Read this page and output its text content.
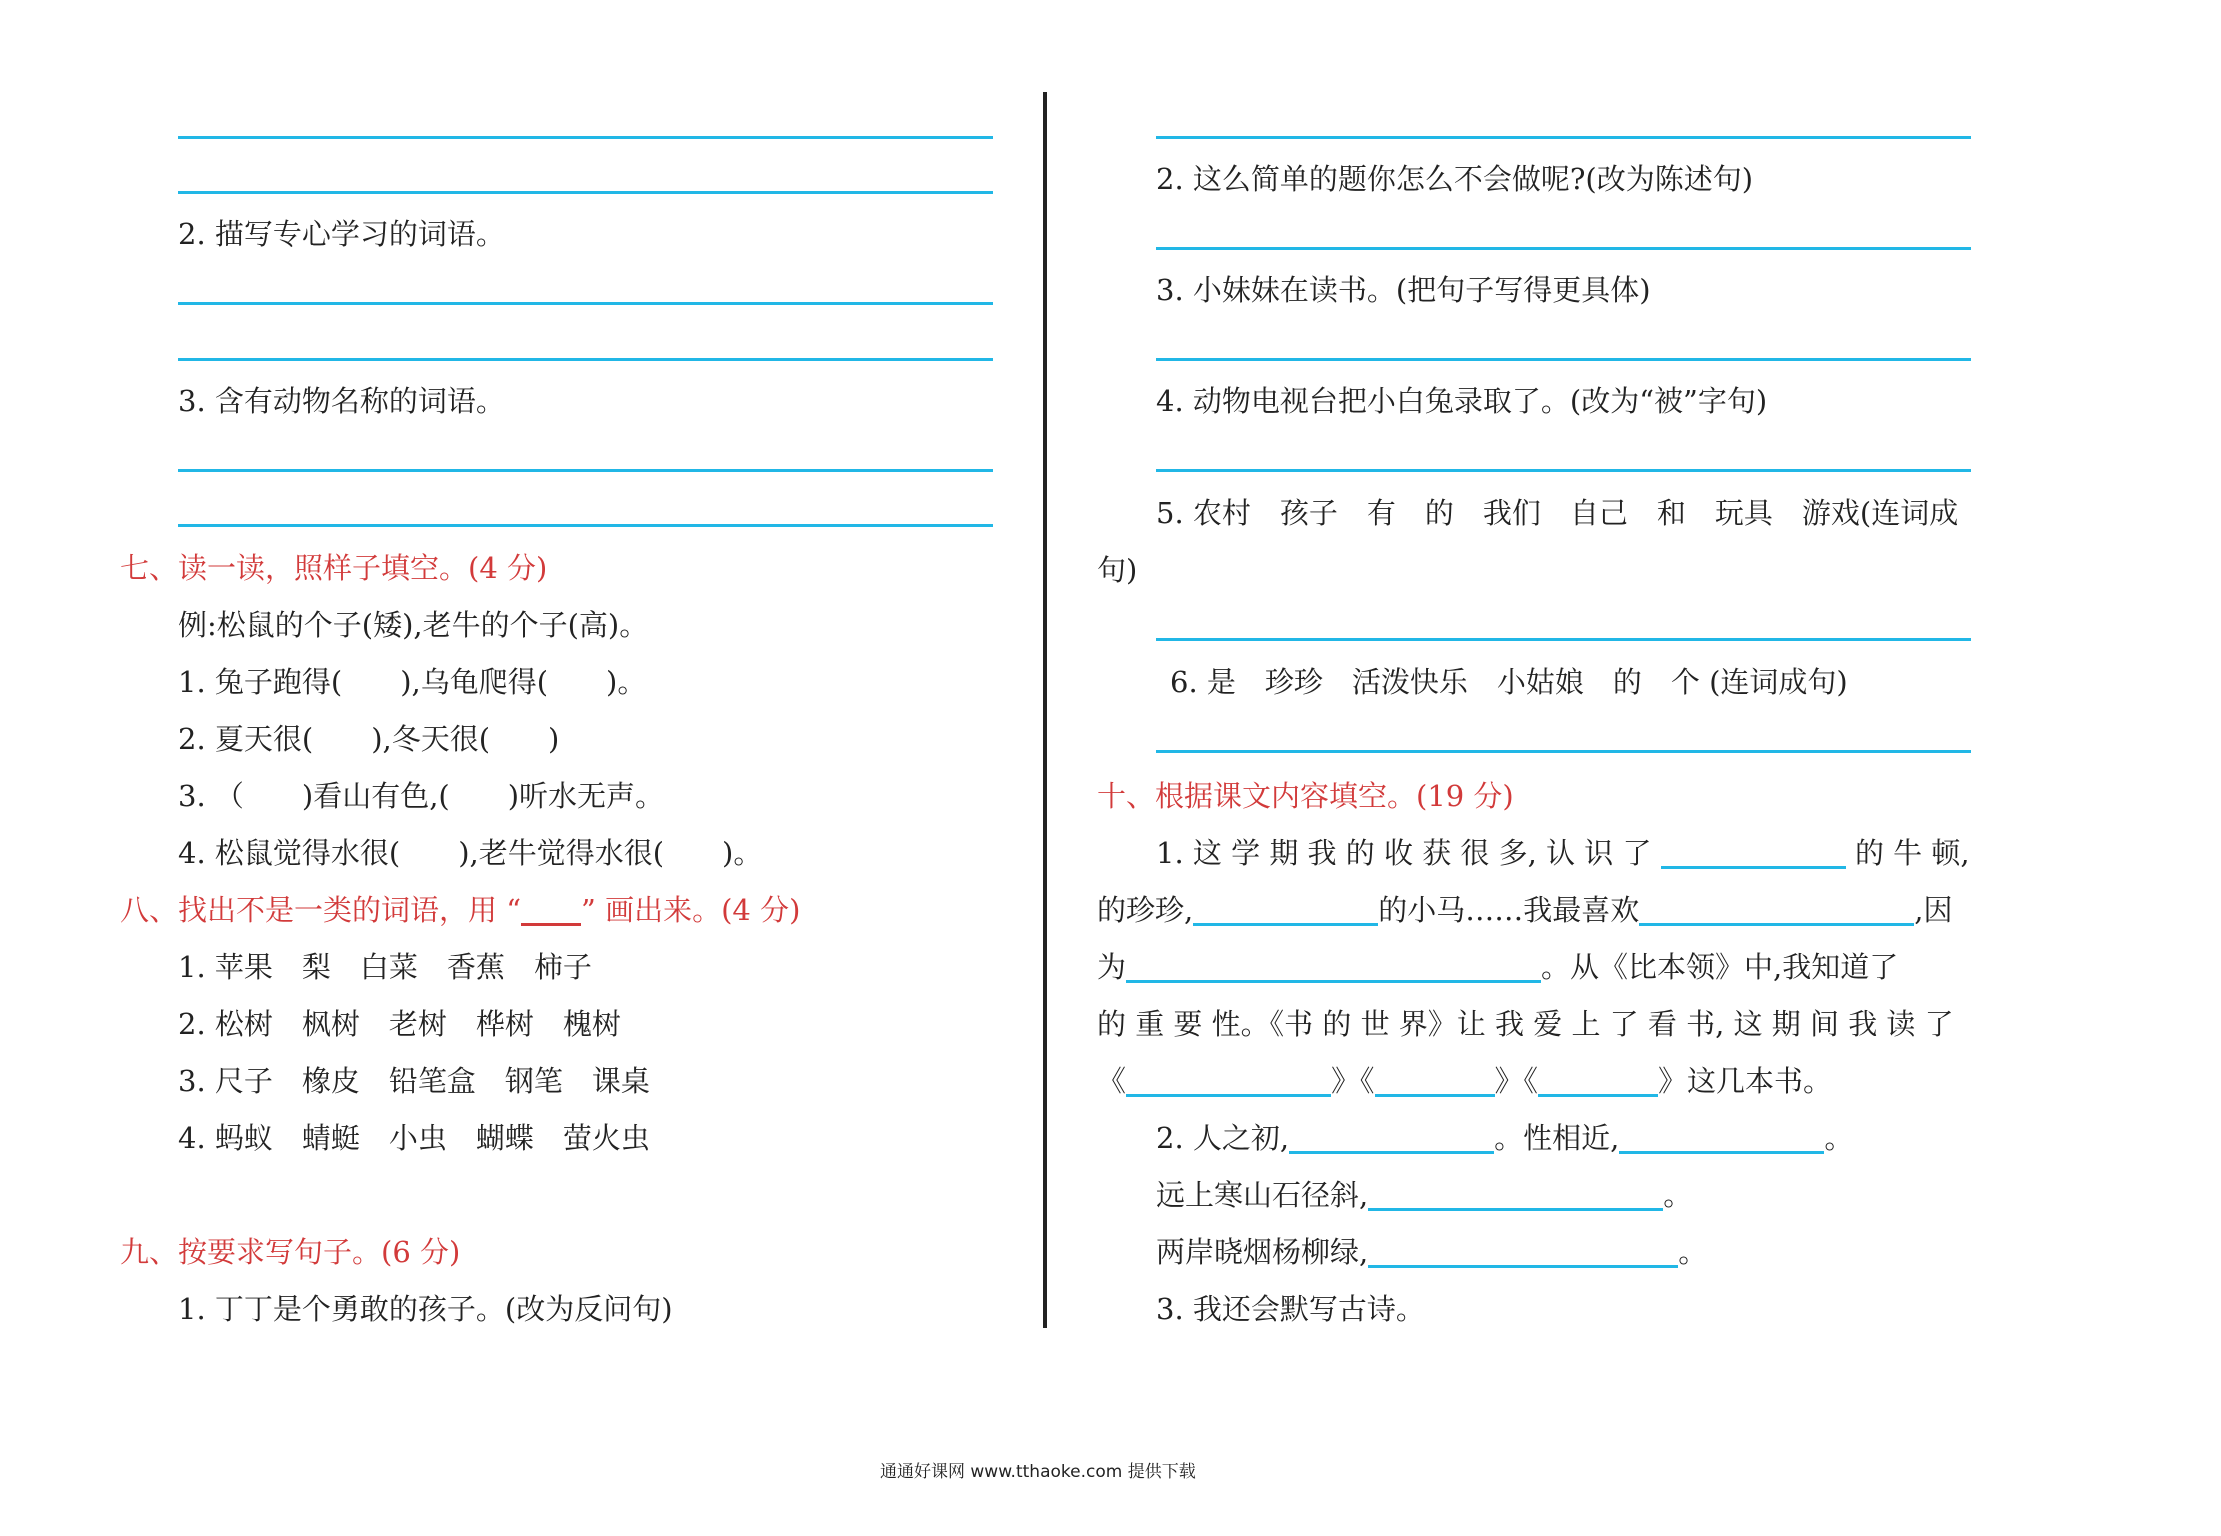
2. 描写专心学习的词语。
3. 含有动物名称的词语。
七、读一读，照样子填空。(4 分)
例:松鼠的个子(矮),老牛的个子(高)。
1. 兔子跑得(　　),乌龟爬得(　　)。
2. 夏天很(　　),冬天很(　　)
3. （　　)看山有色,(　　)听水无声。
4. 松鼠觉得水很(　　),老牛觉得水很(　　)。
八、找出不是一类的词语，用 “ ” 画出来。(4 分)
1. 苹果　梨　白菜　香蕉　柿子
2. 松树　枫树　老树　桦树　槐树
3. 尺子　橡皮　铅笔盒　钢笔　课桌
4. 蚂蚁　蜻蜓　小虫　蝴蝶　萤火虫
九、按要求写句子。(6 分)
1. 丁丁是个勇敢的孩子。(改为反问句)
2. 这么简单的题你怎么不会做呢?(改为陈述句)
3. 小妹妹在读书。(把句子写得更具体)
4. 动物电视台把小白兔录取了。(改为“被”字句)
5. 农村　孩子　有　的　我们　自己　和　玩具　游戏(连词成
句)
6. 是　珍珍　活泼快乐　小姑娘　的　个 (连词成句)
十、根据课文内容填空。(19 分)
1. 这 学 期 我 的 收 获 很 多, 认 识 了	的 牛 顿,
的珍珍,	的小马……我最喜欢	,因
为	。从《比本领》中,我知道了
的 重 要 性。《书 的 世 界》让 我 爱 上 了 看 书, 这 期 间 我 读 了
《	》《	》《	》这几本书。
2. 人之初,	。性相近,	。
远上寒山石径斜,	。
两岸晓烟杨柳绿,	。
3. 我还会默写古诗。
通通好课网 www.tthaoke.com 提供下载
